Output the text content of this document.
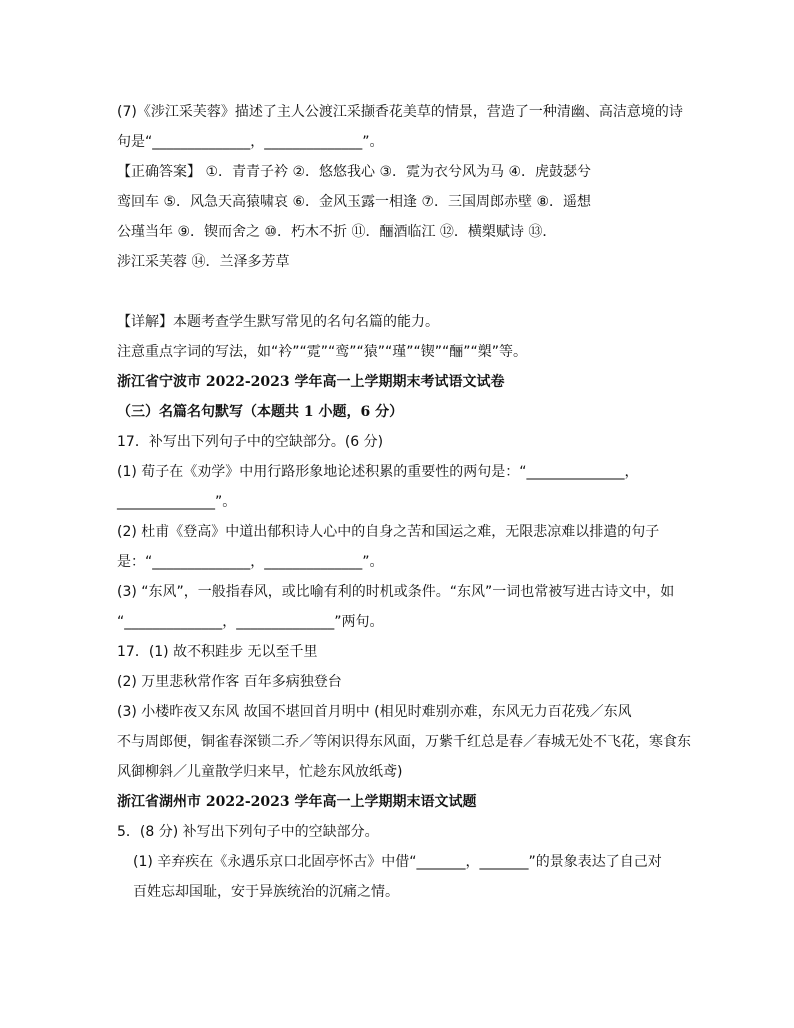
(7)《涉江采芙蓉》描述了主人公渡江采撷香花美草的情景，营造了一种清幽、高洁意境的诗
句是“______________，______________”。
【正确答案】 ①．青青子衿 ②．悠悠我心 ③．霓为衣兮风为马 ④．虎鼓瑟兮
鸾回车 ⑤．风急天高猿啸哀 ⑥．金风玉露一相逢 ⑦．三国周郎赤壁 ⑧．遥想
公瑾当年 ⑨．锲而舍之 ⑩．朽木不折 ⑪．酾酒临江 ⑫．横槊赋诗 ⑬．
涉江采芙蓉 ⑭．兰泽多芳草
【详解】本题考查学生默写常见的名句名篇的能力。
注意重点字词的写法，如“衿”“霓”“鸾”“猿”“瑾”“锲”“酾”“槊”等。
浙江省宁波市 2022-2023 学年高一上学期期末考试语文试卷
（三）名篇名句默写（本题共 1 小题，6 分）
17．补写出下列句子中的空缺部分。(6 分)
(1) 荀子在《劝学》中用行路形象地论述积累的重要性的两句是：“______________，
______________”。
(2) 杜甫《登高》中道出郁积诗人心中的自身之苦和国运之难，无限悲凉难以排遣的句子
是：“______________，______________”。
(3) “东风”，一般指春风，或比喻有利的时机或条件。“东风”一词也常被写进古诗文中，如
“______________，______________”两句。
17．(1) 故不积跬步 无以至千里
(2) 万里悲秋常作客 百年多病独登台
(3) 小楼昨夜又东风 故国不堪回首月明中 (相见时难别亦难，东风无力百花残／东风
不与周郎便，铜雀春深锁二乔／等闲识得东风面，万紫千红总是春／春城无处不飞花，寒食东
风御柳斜／儿童散学归来早，忙趁东风放纸鸢)
浙江省湖州市 2022-2023 学年高一上学期期末语文试题
5．(8 分) 补写出下列句子中的空缺部分。
(1) 辛弃疾在《永遇乐京口北固亭怀古》中借“_______，_______”的景象表达了自己对
百姓忘却国耻，安于异族统治的沉痛之情。
